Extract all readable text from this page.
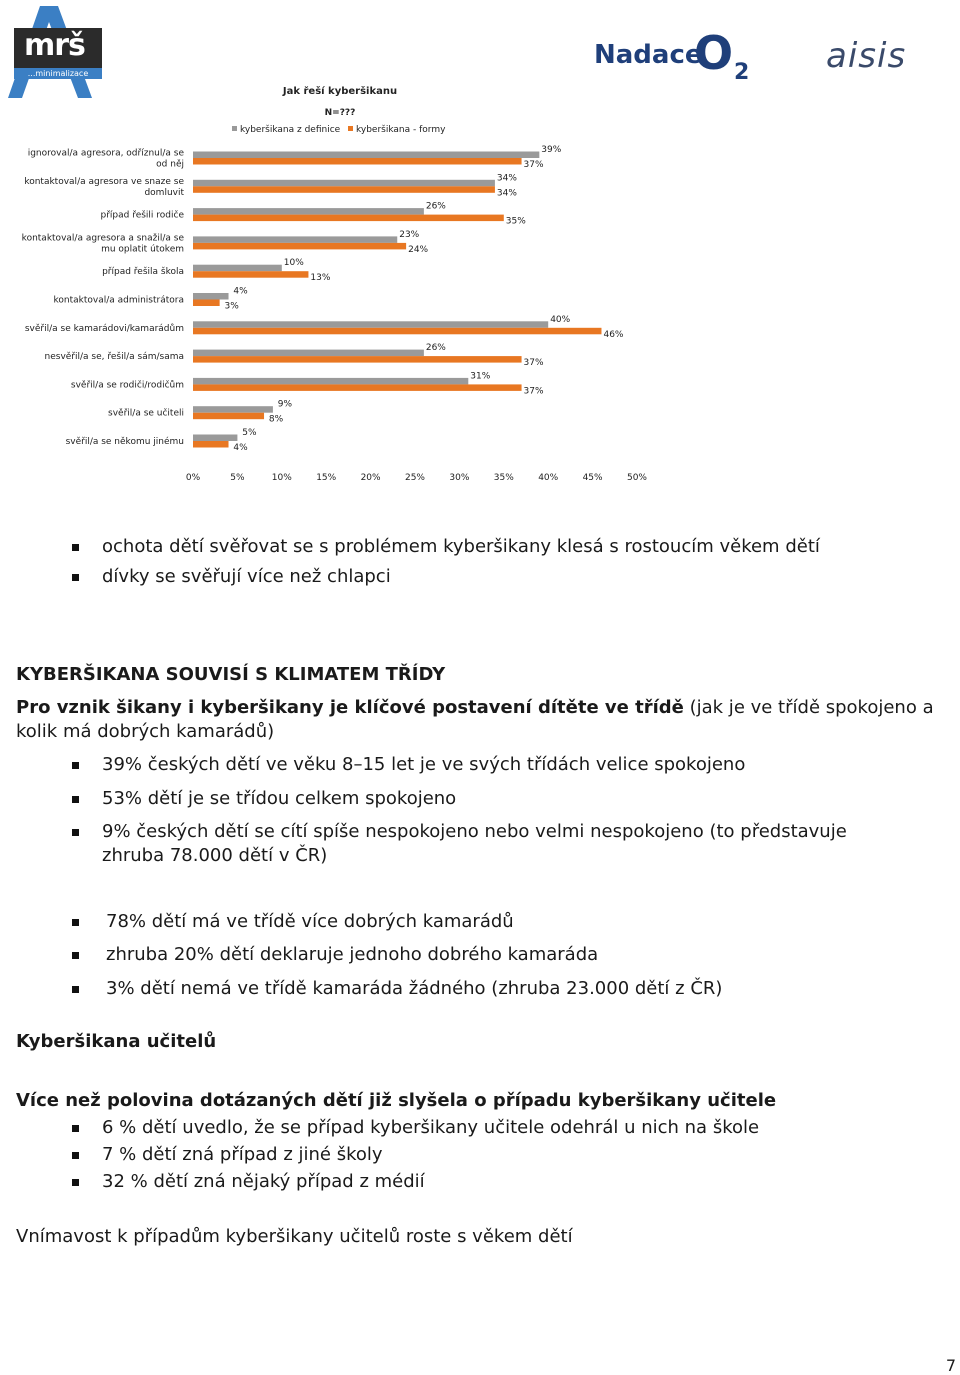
mrš
...minimalizace šikany
Nadace
O 2 aisis
Jak řeší kyberšikanu
N=???
kyberšikana z definice kyberšikana - formy
ignoroval/a agresora, odříznul/a se od něj
kontaktoval/a agresora ve snaze se domluvit
případ řešili rodiče
kontaktoval/a agresora a snažil/a se mu oplatit útokem
případ řešila škola
kontaktoval/a administrátora
svěřil/a se kamarádovi/kamarádům
nesvěřil/a se, řešil/a sám/sama
svěřil/a se rodiči/rodičům
svěřil/a se učiteli
svěřil/a se někomu jinému
39%
37%
34%
34%
26%
35%
23%
24%
10%
13%
4%
3%
40%
46%
26%
37%
31%
37%
9%
8%
5%
4%
0%	5%	10%	15%	20%	25%	30%	35%	40%	45%	50%
ochota dětí svěřovat se s problémem kyberšikany klesá s rostoucím věkem dětí
dívky se svěřují více než chlapci
KYBERŠIKANA SOUVISÍ S KLIMATEM TŘÍDY
Pro vznik šikany i kyberšikany je klíčové postavení dítěte ve třídě (jak je ve třídě spokojeno a kolik má dobrých kamarádů)
39% českých dětí ve věku 8–15 let je ve svých třídách velice spokojeno
53% dětí je se třídou celkem spokojeno
9% českých dětí se cítí spíše nespokojeno nebo velmi nespokojeno (to představuje zhruba 78.000 dětí v ČR)
78% dětí má ve třídě více dobrých kamarádů
zhruba 20% dětí deklaruje jednoho dobrého kamaráda
3% dětí nemá ve třídě kamaráda žádného (zhruba 23.000 dětí z ČR)
Kyberšikana učitelů
Více než polovina dotázaných dětí již slyšela o případu kyberšikany učitele
6 % dětí uvedlo, že se případ kyberšikany učitele odehrál u nich na škole
7 % dětí zná případ z jiné školy
32 % dětí zná nějaký případ z médií
Vnímavost k případům kyberšikany učitelů roste s věkem dětí
7
